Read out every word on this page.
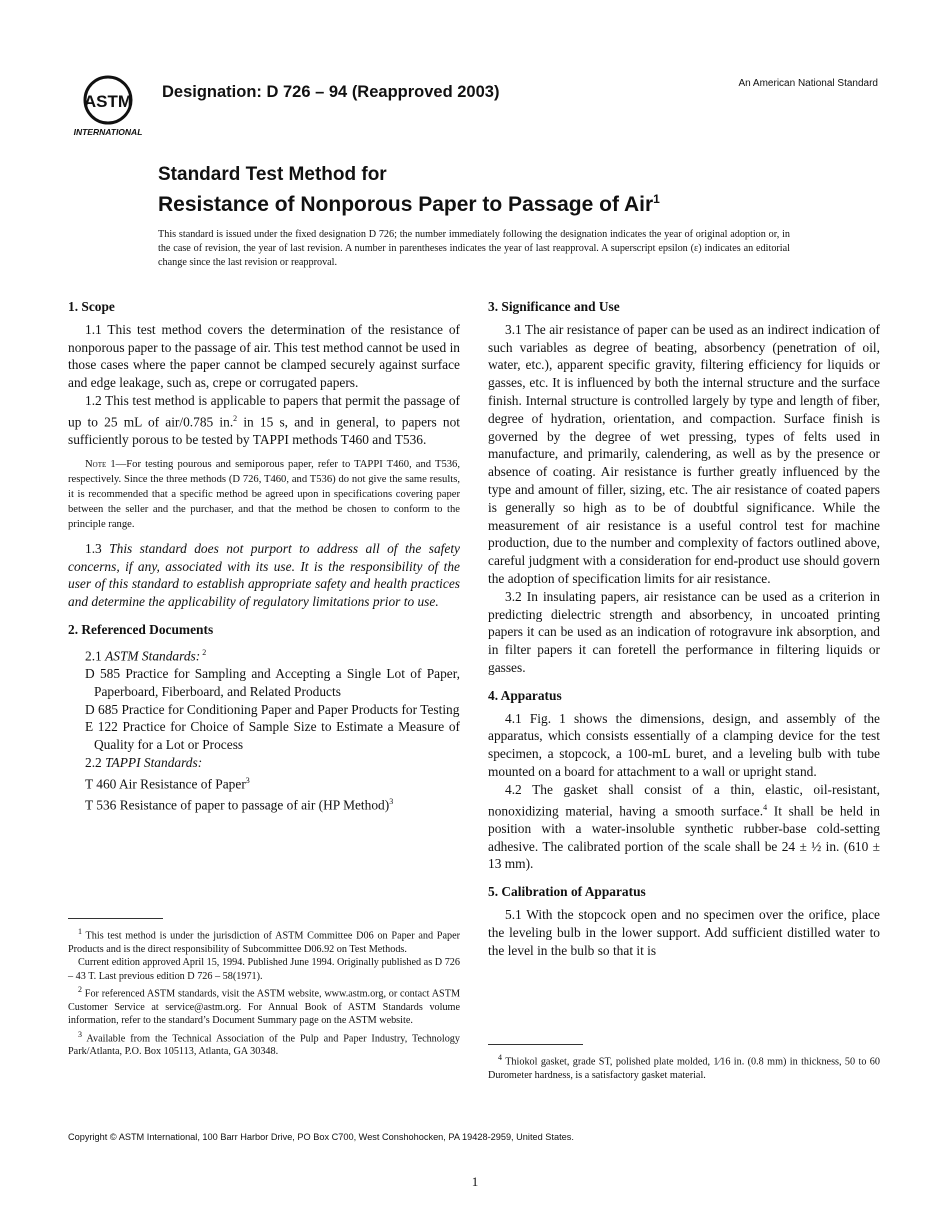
ASTM
INTERNATIONAL
Designation: D 726 – 94 (Reapproved 2003)	An American National Standard
Standard Test Method for
Resistance of Nonporous Paper to Passage of Air$^1$
This standard is issued under the fixed designation D 726; the number immediately following the designation indicates the year of original adoption or, in the case of revision, the year of last revision. A number in parentheses indicates the year of last reapproval. A superscript epsilon (ε) indicates an editorial change since the last revision or reapproval.
1. Scope

1.1 This test method covers the determination of the resistance of nonporous paper to the passage of air. This test method cannot be used in those cases where the paper cannot be clamped securely against surface and edge leakage, such as, crepe or corrugated papers.

1.2 This test method is applicable to papers that permit the passage of up to 25 mL of air/0.785 in.$^2$ in 15 s, and in general, to papers not sufficiently porous to be tested by TAPPI methods T460 and T536.

Note 1—For testing pourous and semiporous paper, refer to TAPPI T460, and T536, respectively. Since the three methods (D 726, T460, and T536) do not give the same results, it is recommended that a specific method be agreed upon in specifications covering paper between the seller and the purchaser, and that the method be chosen to conform to the principle range.

1.3 This standard does not purport to address all of the safety concerns, if any, associated with its use. It is the responsibility of the user of this standard to establish appropriate safety and health practices and determine the applicability of regulatory limitations prior to use.

2. Referenced Documents

2.1 ASTM Standards: $^2$

D 585 Practice for Sampling and Accepting a Single Lot of Paper, Paperboard, Fiberboard, and Related Products

D 685 Practice for Conditioning Paper and Paper Products for Testing

E 122 Practice for Choice of Sample Size to Estimate a Measure of Quality for a Lot or Process

2.2 TAPPI Standards:

T 460 Air Resistance of Paper$^3$

T 536 Resistance of paper to passage of air (HP Method)$^3$

3. Significance and Use

3.1 The air resistance of paper can be used as an indirect indication of such variables as degree of beating, absorbency (penetration of oil, water, etc.), apparent specific gravity, filtering efficiency for liquids or gasses, etc. It is influenced by both the internal structure and the surface finish. Internal structure is controlled largely by type and length of fiber, degree of hydration, orientation, and compaction. Surface finish is governed by the degree of wet pressing, types of felts used in manufacture, and primarily, calendering, as well as by the presence or absence of coating. Air resistance is further greatly influenced by the type and amount of filler, sizing, etc. The air resistance of coated papers is generally so high as to be of doubtful significance. While the measurement of air resistance is a useful control test for machine production, due to the number and complexity of factors outlined above, careful judgment with a consideration for end-product use should govern the adoption of specification limits for air resistance.

3.2 In insulating papers, air resistance can be used as a criterion in predicting dielectric strength and absorbency, in uncoated printing papers it can be used as an indication of rotogravure ink absorption, and in filter papers it can foretell the performance in filtering liquids or gasses.

4. Apparatus

4.1 Fig. 1 shows the dimensions, design, and assembly of the apparatus, which consists essentially of a clamping device for the test specimen, a stopcock, a 100-mL buret, and a leveling bulb with tube mounted on a board for attachment to a wall or upright stand.

4.2 The gasket shall consist of a thin, elastic, oil-resistant, nonoxidizing material, having a smooth surface.$^4$ It shall be held in position with a water-insoluble synthetic rubber-base cold-setting adhesive. The calibrated portion of the scale shall be 24 ± ½ in. (610 ± 13 mm).

5. Calibration of Apparatus

5.1 With the stopcock open and no specimen over the orifice, place the leveling bulb in the lower support. Add sufficient distilled water to the level in the bulb so that it is

$^1$ This test method is under the jurisdiction of ASTM Committee D06 on Paper and Paper Products and is the direct responsibility of Subcommittee D06.92 on Test Methods.

Current edition approved April 15, 1994. Published June 1994. Originally published as D 726 – 43 T. Last previous edition D 726 – 58(1971).

$^2$ For referenced ASTM standards, visit the ASTM website, www.astm.org, or contact ASTM Customer Service at service@astm.org. For Annual Book of ASTM Standards volume information, refer to the standard’s Document Summary page on the ASTM website.

$^3$ Available from the Technical Association of the Pulp and Paper Industry, Technology Park/Atlanta, P.O. Box 105113, Atlanta, GA 30348.

$^4$ Thiokol gasket, grade ST, polished plate molded, 1⁄16 in. (0.8 mm) in thickness, 50 to 60 Durometer hardness, is a satisfactory gasket material.

Copyright © ASTM International, 100 Barr Harbor Drive, PO Box C700, West Conshohocken, PA 19428-2959, United States.
1
